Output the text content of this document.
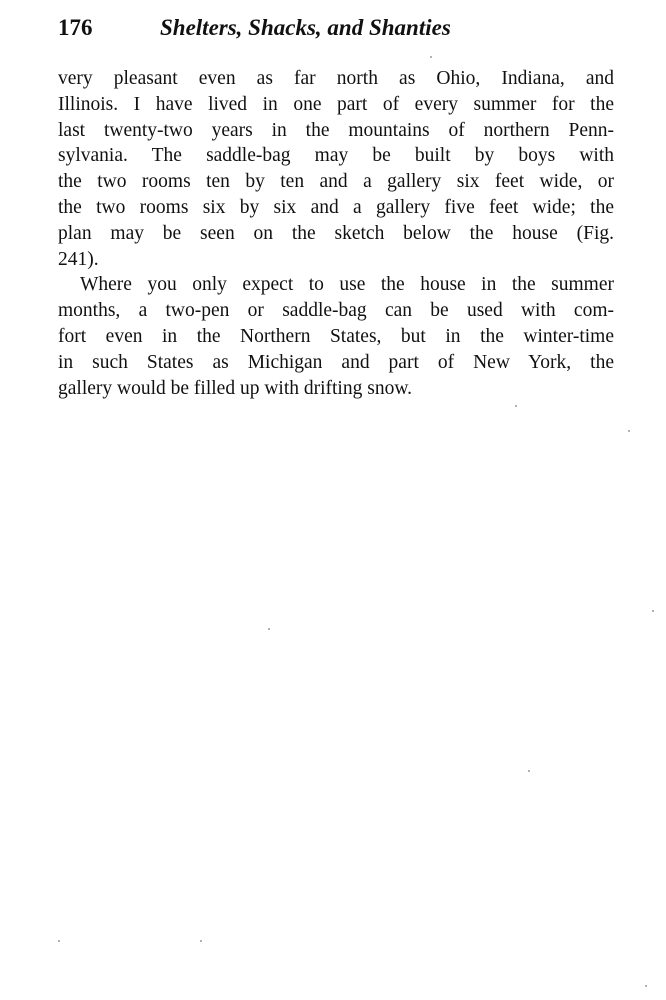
176	Shelters, Shacks, and Shanties
very pleasant even as far north as Ohio, Indiana, and
Illinois. I have lived in one part of every summer for the
last twenty-two years in the mountains of northern Penn-
sylvania. The saddle-bag may be built by boys with
the two rooms ten by ten and a gallery six feet wide, or
the two rooms six by six and a gallery five feet wide; the
plan may be seen on the sketch below the house (Fig.
241).
Where you only expect to use the house in the summer
months, a two-pen or saddle-bag can be used with com-
fort even in the Northern States, but in the winter-time
in such States as Michigan and part of New York, the
gallery would be filled up with drifting snow.
